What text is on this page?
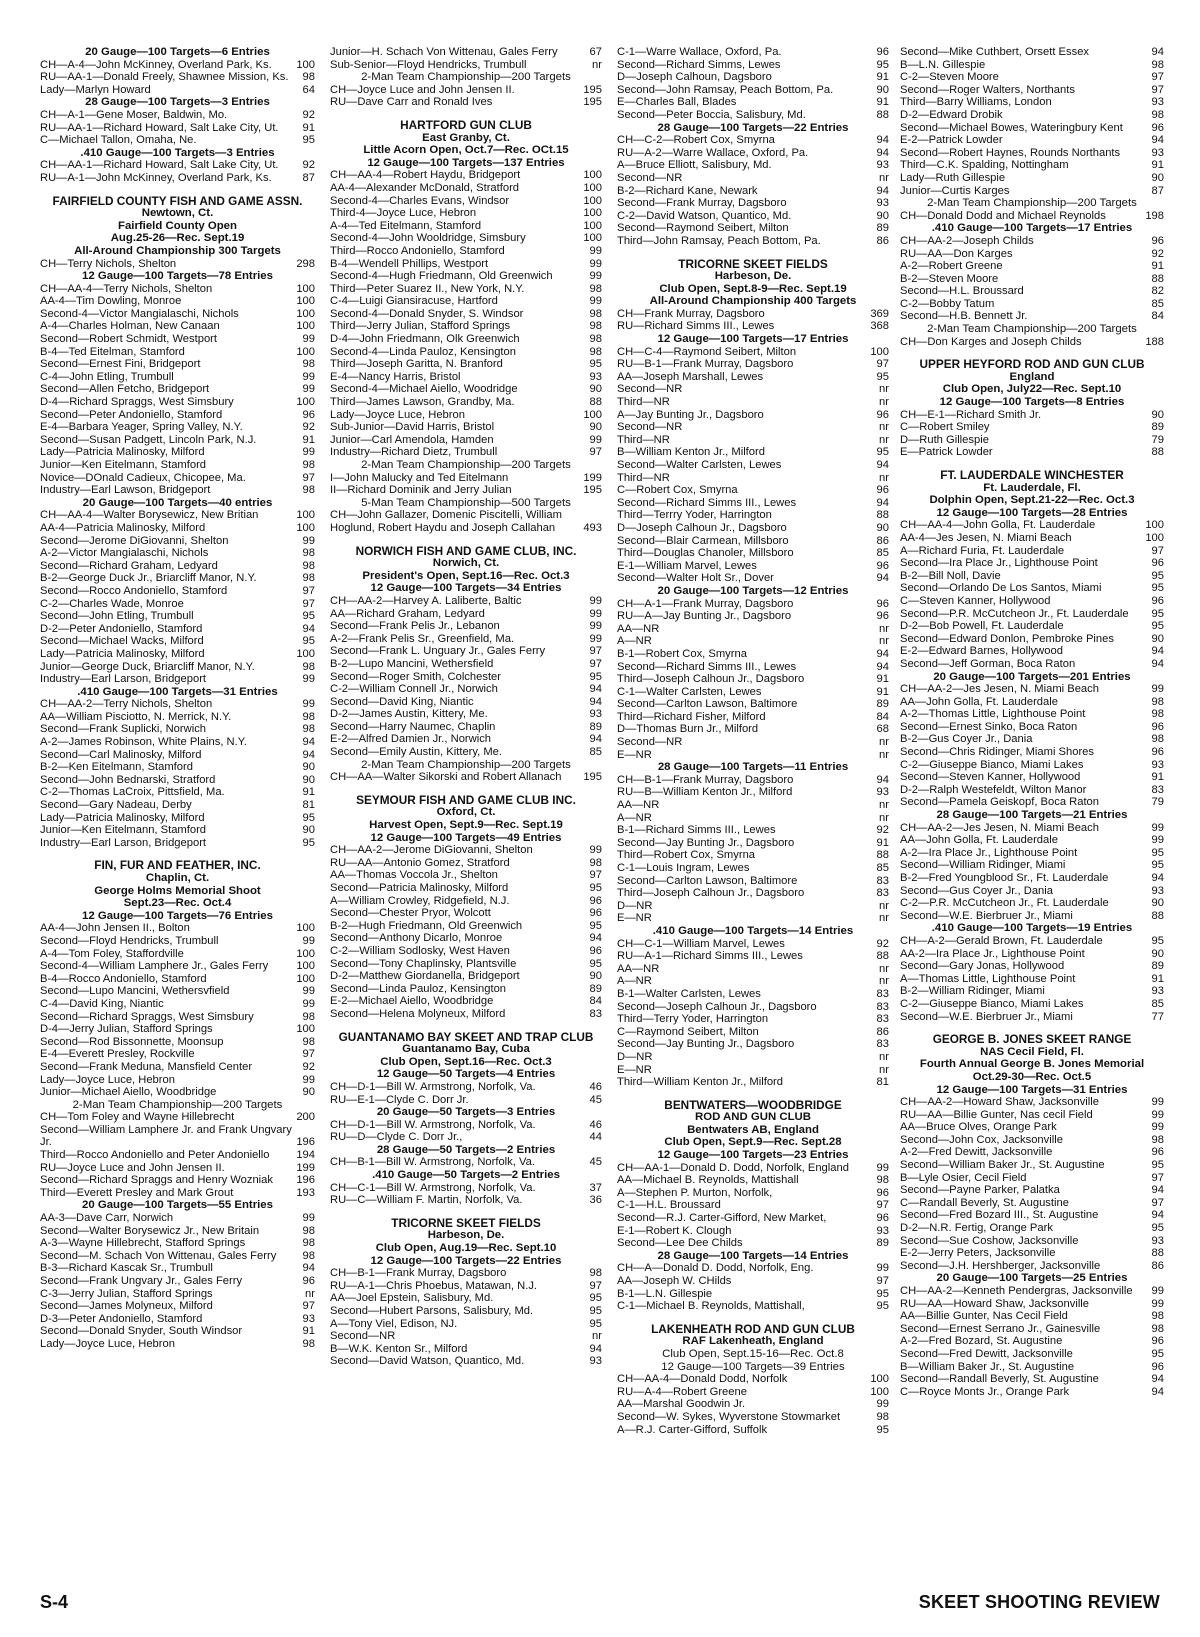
20 Gauge—100 Targets—6 Entries
CH—A-4—John McKinney, Overland Park, Ks.	100
RU—AA-1—Donald Freely, Shawnee Mission, Ks.	98
Lady—Marlyn Howard	64
28 Gauge—100 Targets—3 Entries
CH—A-1—Gene Moser, Baldwin, Mo.	92
RU—AA-1—Richard Howard, Salt Lake City, Ut.	91
C—Michael Tallon, Omaha, Ne.	95
.410 Gauge—100 Targets—3 Entries
CH—AA-1—Richard Howard, Salt Lake City, Ut.	92
RU—A-1—John McKinney, Overland Park, Ks.	87
FAIRFIELD COUNTY FISH AND GAME ASSN.
Newtown, Ct.
Fairfield County Open
Aug.25-26—Rec. Sept.19
All-Around Championship 300 Targets
CH—Terry Nichols, Shelton	298
12 Gauge—100 Targets—78 Entries
CH—AA-4—Terry Nichols, Shelton	100
AA-4—Tim Dowling, Monroe	100
Second-4—Victor Mangialaschi, Nichols	100
A-4—Charles Holman, New Canaan	100
Second—Robert Schmidt, Westport	99
B-4—Ted Eitelman, Stamford	100
Second—Ernest Fini, Bridgeport	98
C-4—John Etling, Trumbull	99
Second—Allen Fetcho, Bridgeport	99
D-4—Richard Spraggs, West Simsbury	100
Second—Peter Andoniello, Stamford	96
E-4—Barbara Yeager, Spring Valley, N.Y.	92
Second—Susan Padgett, Lincoln Park, N.J.	91
Lady—Patricia Malinosky, Milford	99
Junior—Ken Eitelmann, Stamford	98
Novice—DOnald Cadieux, Chicopee, Ma.	97
Industry—Earl Lawson, Bridgeport	98
20 Gauge—100 Targets—40 entries
CH—AA-4—Walter Borysewicz, New Britian	100
AA-4—Patricia Malinosky, Milford	100
Second—Jerome DiGiovanni, Shelton	99
A-2—Victor Mangialaschi, Nichols	98
Second—Richard Graham, Ledyard	98
B-2—George Duck Jr., Briarcliff Manor, N.Y.	98
Second—Rocco Andoniello, Stamford	97
C-2—Charles Wade, Monroe	97
Second—John Etling, Trumbull	95
D-2—Peter Andoniello, Stamford	94
Second—Michael Wacks, Milford	95
Lady—Patricia Malinosky, Milford	100
Junior—George Duck, Briarcliff Manor, N.Y.	98
Industry—Earl Larson, Bridgeport	99
.410 Gauge—100 Targets—31 Entries
CH—AA-2—Terry Nichols, Shelton	99
AA—William Pisciotto, N. Merrick, N.Y.	98
Second—Frank Suplicki, Norwich	98
A-2—James Robinson, White Plains, N.Y.	94
Second—Carl Malinosky, Milford	94
B-2—Ken Eitelmann, Stamford	90
Second—John Bednarski, Stratford	90
C-2—Thomas LaCroix, Pittsfield, Ma.	91
Second—Gary Nadeau, Derby	81
Lady—Patricia Malinosky, Milford	95
Junior—Ken Eitelmann, Stamford	90
Industry—Earl Larson, Bridgeport	95
FIN, FUR AND FEATHER, INC.
Chaplin, Ct.
George Holms Memorial Shoot
Sept.23—Rec. Oct.4
12 Gauge—100 Targets—76 Entries
AA-4—John Jensen II., Bolton	100
Second—Floyd Hendricks, Trumbull	99
A-4—Tom Foley, Staffordville	100
Second-4—William Lamphere Jr., Gales Ferry	100
B-4—Rocco Andoniello, Stamford	100
Second—Lupo Mancini, Wethersvfield	99
C-4—David King, Niantic	99
Second—Richard Spraggs, West Simsbury	98
D-4—Jerry Julian, Stafford Springs	100
Second—Rod Bissonnette, Moonsup	98
E-4—Everett Presley, Rockville	97
Second—Frank Meduna, Mansfield Center	92
Lady—Joyce Luce, Hebron	99
Junior—Michael Aiello, Woodbridge	90
2-Man Team Championship—200 Targets
CH—Tom Foley and Wayne Hillebrecht	200
Second—William Lamphere Jr. and Frank Ungvary Jr.	196
Third—Rocco Andoniello and Peter Andoniello	194
RU—Joyce Luce and John Jensen II.	199
Second—Richard Spraggs and Henry Wozniak	196
Third—Everett Presley and Mark Grout	193
20 Gauge—100 Targets—55 Entries
AA-3—Dave Carr, Norwich	99
Second—Walter Borysewicz Jr., New Britain	98
A-3—Wayne Hillebrecht, Stafford Springs	98
Second—M. Schach Von Wittenau, Gales Ferry	98
B-3—Richard Kascak Sr., Trumbull	94
Second—Frank Ungvary Jr., Gales Ferry	96
C-3—Jerry Julian, Stafford Springs	nr
Second—James Molyneux, Milford	97
D-3—Peter Andoniello, Stamford	93
Second—Donald Snyder, South Windsor	91
Lady—Joyce Luce, Hebron	98
Junior—H. Schach Von Wittenau, Gales Ferry	67
Sub-Senior—Floyd Hendricks, Trumbull	nr
2-Man Team Championship—200 Targets
CH—Joyce Luce and John Jensen II.	195
RU—Dave Carr and Ronald Ives	195
HARTFORD GUN CLUB
East Granby, Ct.
Little Acorn Open, Oct.7—Rec. OCt.15
12 Gauge—100 Targets—137 Entries
CH—AA-4—Robert Haydu, Bridgeport	100
AA-4—Alexander McDonald, Stratford	100
Second-4—Charles Evans, Windsor	100
Third-4—Joyce Luce, Hebron	100
A-4—Ted Eitelmann, Stamford	100
Second-4—John Wooldridge, Simsbury	100
Third—Rocco Andoniello, Stamford	99
B-4—Wendell Phillips, Westport	99
Second-4—Hugh Friedmann, Old Greenwich	99
Third—Peter Suarez II., New York, N.Y.	98
C-4—Luigi Giansiracuse, Hartford	99
Second-4—Donald Snyder, S. Windsor	98
Third—Jerry Julian, Stafford Springs	98
D-4—John Friedmann, Olk Greenwich	98
Second-4—Linda Pauloz, Kensington	98
Third—Joseph Garitta, N. Branford	95
E-4—Nancy Harris, Bristol	93
Second-4—Michael Aiello, Woodridge	90
Third—James Lawson, Grandby, Ma.	88
Lady—Joyce Luce, Hebron	100
Sub-Junior—David Harris, Bristol	90
Junior—Carl Amendola, Hamden	99
Industry—Richard Dietz, Trumbull	97
2-Man Team Championship—200 Targets
I—John Malucky and Ted Eitelmann	199
II—Richard Dominik and Jerry Julian	195
5-Man Team Championship—500 Targets
CH—John Gallazer, Domenic Piscitelli, William Hoglund, Robert Haydu and Joseph Callahan	493
NORWICH FISH AND GAME CLUB, INC.
Norwich, Ct.
President's Open, Sept.16—Rec. Oct.3
12 Gauge—100 Targets—34 Entries
CH—AA-2—Harvey A. Laliberte, Baltic	99
AA—Richard Graham, Ledyard	99
Second—Frank Pelis Jr., Lebanon	99
A-2—Frank Pelis Sr., Greenfield, Ma.	99
Second—Frank L. Unguary Jr., Gales Ferry	97
B-2—Lupo Mancini, Wethersfield	97
Second—Roger Smith, Colchester	95
C-2—William Connell Jr., Norwich	94
Second—David King, Niantic	94
D-2—James Austin, Kittery, Me.	93
Second—Harry Naumec, Chaplin	89
E-2—Alfred Damien Jr., Norwich	94
Second—Emily Austin, Kittery, Me.	85
2-Man Team Championship—200 Targets
CH—AA—Walter Sikorski and Robert Allanach	195
SEYMOUR FISH AND GAME CLUB INC.
Oxford, Ct.
Harvest Open, Sept.9—Rec. Sept.19
12 Gauge—100 Targets—49 Entries
CH—AA-2—Jerome DiGiovanni, Shelton	99
RU—AA—Antonio Gomez, Stratford	98
AA—Thomas Voccola Jr., Shelton	97
Second—Patricia Malinosky, Milford	95
A—William Crowley, Ridgefield, N.J.	96
Second—Chester Pryor, Wolcott	96
B-2—Hugh Friedmann, Old Greenwich	95
Second—Anthony Dicarlo, Monroe	94
C-2—William Sodlosky, West Haven	96
Second—Tony Chaplinsky, Plantsville	95
D-2—Matthew Giordanella, Bridgeport	90
Second—Linda Pauloz, Kensington	89
E-2—Michael Aiello, Woodbridge	84
Second—Helena Molyneux, Milford	83
GUANTANAMO BAY SKEET AND TRAP CLUB
Guantanamo Bay, Cuba
Club Open, Sept.16—Rec. Oct.3
12 Gauge—50 Targets—4 Entries
CH—D-1—Bill W. Armstrong, Norfolk, Va.	46
RU—E-1—Clyde C. Dorr Jr.	45
20 Gauge—50 Targets—3 Entries
CH—D-1—Bill W. Armstrong, Norfolk, Va.	46
RU—D—Clyde C. Dorr Jr.,	44
28 Gauge—50 Targets—2 Entries
CH—B-1—Bill W. Armstrong, Norfolk, Va.	45
.410 Gauge—50 Targets—2 Entries
CH—C-1—Bill W. Armstrong, Norfolk, Va.	37
RU—C—William F. Martin, Norfolk, Va.	36
TRICORNE SKEET FIELDS
Harbeson, De.
Club Open, Aug.19—Rec. Sept.10
12 Gauge—100 Targets—22 Entries
CH—B-1—Frank Murray, Dagsboro	98
RU—A-1—Chris Phoebus, Matawan, N.J.	97
AA—Joel Epstein, Salisbury, Md.	95
Second—Hubert Parsons, Salisbury, Md.	95
A—Tony Viel, Edison, NJ.	95
Second—NR	nr
B—W.K. Kenton Sr., Milford	94
Second—David Watson, Quantico, Md.	93
C-1—Warre Wallace, Oxford, Pa.	96
Second—Richard Simms, Lewes	95
D—Joseph Calhoun, Dagsboro	91
Second—John Ramsay, Peach Bottom, Pa.	90
E—Charles Ball, Blades	91
Second—Peter Boccia, Salisbury, Md.	88
28 Gauge—100 Targets—22 Entries
CH—C-2—Robert Cox, Smyrna	94
RU—A-2—Warre Wallace, Oxford, Pa.	94
A—Bruce Elliott, Salisbury, Md.	93
Second—NR	nr
B-2—Richard Kane, Newark	94
Second—Frank Murray, Dagsboro	93
C-2—David Watson, Quantico, Md.	90
Second—Raymond Seibert, Milton	89
Third—John Ramsay, Peach Bottom, Pa.	86
TRICORNE SKEET FIELDS
Harbeson, De.
Club Open, Sept.8-9—Rec. Sept.19
All-Around Championship 400 Targets
CH—Frank Murray, Dagsboro	369
RU—Richard Simms III., Lewes	368
12 Gauge—100 Targets—17 Entries
CH—C-4—Raymond Seibert, Milton	100
RU—B-1—Frank Murray, Dagsboro	97
AA—Joseph Marshall, Lewes	95
Second—NR	nr
Third—NR	nr
A—Jay Bunting Jr., Dagsboro	96
Second—NR	nr
Third—NR	nr
B—William Kenton Jr., Milford	95
Second—Walter Carlsten, Lewes	94
Third—NR	nr
C—Robert Cox, Smyrna	96
Second—Richard Simms III., Lewes	94
Third—Terrry Yoder, Harrington	88
D—Joseph Calhoun Jr., Dagsboro	90
Second—Blair Carmean, Millsboro	86
Third—Douglas Chanoler, Millsboro	85
E-1—William Marvel, Lewes	96
Second—Walter Holt Sr., Dover	94
20 Gauge—100 Targets—12 Entries
CH—A-1—Frank Murray, Dagsboro	96
RU—A—Jay Bunting Jr., Dagsboro	96
AA—NR	nr
A—NR	nr
B-1—Robert Cox, Smyrna	94
Second—Richard Simms III., Lewes	94
Third—Joseph Calhoun Jr., Dagsboro	91
C-1—Walter Carlsten, Lewes	91
Second—Carlton Lawson, Baltimore	89
Third—Richard Fisher, Milford	84
D—Thomas Burn Jr., Milford	68
Second—NR	nr
E—NR	nr
28 Gauge—100 Targets—11 Entries
CH—B-1—Frank Murray, Dagsboro	94
RU—B—William Kenton Jr., Milford	93
AA—NR	nr
A—NR	nr
B-1—Richard Simms III., Lewes	92
Second—Jay Bunting Jr., Dagsboro	91
Third—Robert Cox, Smyrna	88
C-1—Louis Ingram, Lewes	85
Second—Carlton Lawson, Baltimore	83
Third—Joseph Calhoun Jr., Dagsboro	83
D—NR	nr
E—NR	nr
.410 Gauge—100 Targets—14 Entries
CH—C-1—William Marvel, Lewes	92
RU—A-1—Richard Simms III., Lewes	88
AA—NR	nr
A—NR	nr
B-1—Walter Carlsten, Lewes	83
Second—Joseph Calhoun Jr., Dagsboro	83
Third—Terry Yoder, Harrington	83
C—Raymond Seibert, Milton	86
Second—Jay Bunting Jr., Dagsboro	83
D—NR	nr
E—NR	nr
Third—William Kenton Jr., Milford	81
BENTWATERS—WOODBRIDGE
ROD AND GUN CLUB
Bentwaters AB, England
Club Open, Sept.9—Rec. Sept.28
12 Gauge—100 Targets—23 Entries
CH—AA-1—Donald D. Dodd, Norfolk, England	99
AA—Michael B. Reynolds, Mattishall	98
A—Stephen P. Murton, Norfolk,	96
C-1—H.L. Broussard	97
Second—R.J. Carter-Gifford, New Market,	96
E-1—Robert K. Clough	93
Second—Lee Dee Childs	89
28 Gauge—100 Targets—14 Entries
CH—A—Donald D. Dodd, Norfolk, Eng.	99
AA—Joseph W. CHilds	97
B-1—L.N. Gillespie	95
C-1—Michael B. Reynolds, Mattishall,	95
LAKENHEATH ROD AND GUN CLUB
RAF Lakenheath, England
Club Open, Sept.15-16—Rec. Oct.8
12 Gauge—100 Targets—39 Entries
CH—AA-4—Donald Dodd, Norfolk	100
RU—A-4—Robert Greene	100
AA—Marshal Goodwin Jr.	99
Second—W. Sykes, Wyverstone Stowmarket	98
A—R.J. Carter-Gifford, Suffolk	95
Second—Mike Cuthbert, Orsett Essex	94
B—L.N. Gillespie	98
C-2—Steven Moore	97
Second—Roger Walters, Northants	97
Third—Barry Williams, London	93
D-2—Edward Drobik	98
Second—Michael Bowes, Wateringbury Kent	96
E-2—Patrick Lowder	94
Second—Robert Haynes, Rounds Northants	93
Third—C.K. Spalding, Nottingham	91
Lady—Ruth Gillespie	90
Junior—Curtis Karges	87
2-Man Team Championship—200 Targets
CH—Donald Dodd and Michael Reynolds	198
.410 Gauge—100 Targets—17 Entries
CH—AA-2—Joseph Childs	96
RU—AA—Don Karges	92
A-2—Robert Greene	91
B-2—Steven Moore	88
Second—H.L. Broussard	82
C-2—Bobby Tatum	85
Second—H.B. Bennett Jr.	84
2-Man Team Championship—200 Targets
CH—Don Karges and Joseph Childs	188
UPPER HEYFORD ROD AND GUN CLUB
England
Club Open, July22—Rec. Sept.10
12 Gauge—100 Targets—8 Entries
CH—E-1—Richard Smith Jr.	90
C—Robert Smiley	89
D—Ruth Gillespie	79
E—Patrick Lowder	88
FT. LAUDERDALE WINCHESTER
Ft. Lauderdale, Fl.
Dolphin Open, Sept.21-22—Rec. Oct.3
12 Gauge—100 Targets—28 Entries
CH—AA-4—John Golla, Ft. Lauderdale	100
AA-4—Jes Jesen, N. Miami Beach	100
A—Richard Furia, Ft. Lauderdale	97
Second—Ira Place Jr., Lighthouse Point	96
B-2—Bill Noll, Davie	95
Second—Orlando De Los Santos, Miami	95
C—Steven Kanner, Hollywood	96
Second—P.R. McCutcheon Jr., Ft. Lauderdale	95
D-2—Bob Powell, Ft. Lauderdale	95
Second—Edward Donlon, Pembroke Pines	90
E-2—Edward Barnes, Hollywood	94
Second—Jeff Gorman, Boca Raton	94
20 Gauge—100 Targets—201 Entries
CH—AA-2—Jes Jesen, N. Miami Beach	99
AA—John Golla, Ft. Lauderdale	98
A-2—Thomas Little, Lighthouse Point	98
Second—Ernest Sinko, Boca Raton	96
B-2—Gus Coyer Jr., Dania	98
Second—Chris Ridinger, Miami Shores	96
C-2—Giuseppe Bianco, Miami Lakes	93
Second—Steven Kanner, Hollywood	91
D-2—Ralph Westefeldt, Wilton Manor	83
Second—Pamela Geiskopf, Boca Raton	79
28 Gauge—100 Targets—21 Entries
CH—AA-2—Jes Jesen, N. Miami Beach	99
AA—John Golla, Ft. Lauderdale	99
A-2—Ira Place Jr., Lighthouse Point	95
Second—William Ridinger, Miami	95
B-2—Fred Youngblood Sr., Ft. Lauderdale	94
Second—Gus Coyer Jr., Dania	93
C-2—P.R. McCutcheon Jr., Ft. Lauderdale	90
Second—W.E. Bierbruer Jr., Miami	88
.410 Gauge—100 Targets—19 Entries
CH—A-2—Gerald Brown, Ft. Lauderdale	95
AA-2—Ira Place Jr., Lighthouse Point	90
Second—Gary Jonas, Hollywood	89
A—Thomas Little, Lighthouse Point	91
B-2—William Ridinger, Miami	93
C-2—Giuseppe Bianco, Miami Lakes	85
Second—W.E. Bierbruer Jr., Miami	77
GEORGE B. JONES SKEET RANGE
NAS Cecil Field, Fl.
Fourth Annual George B. Jones Memorial
Oct.29-30—Rec. Oct.5
12 Gauge—100 Targets—31 Entries
CH—AA-2—Howard Shaw, Jacksonville	99
RU—AA—Billie Gunter, Nas cecil Field	99
AA—Bruce Olves, Orange Park	99
Second—John Cox, Jacksonville	98
A-2—Fred Dewitt, Jacksonville	96
Second—William Baker Jr., St. Augustine	95
B—Lyle Osier, Cecil Field	97
Second—Payne Parker, Palatka	94
C—Randall Beverly, St. Augustine	97
Second—Fred Bozard III., St. Augustine	94
D-2—N.R. Fertig, Orange Park	95
Second—Sue Coshow, Jacksonville	93
E-2—Jerry Peters, Jacksonville	88
Second—J.H. Hershberger, Jacksonville	86
20 Gauge—100 Targets—25 Entries
CH—AA-2—Kenneth Pendergras, Jacksonville	99
RU—AA—Howard Shaw, Jacksonville	99
AA—Billie Gunter, Nas Cecil Field	98
Second—Ernest Serrano Jr., Gainesville	98
A-2—Fred Bozard, St. Augustine	96
Second—Fred Dewitt, Jacksonville	95
B—William Baker Jr., St. Augustine	96
Second—Randall Beverly, St. Augustine	94
C—Royce Monts Jr., Orange Park	94
S-4	SKEET SHOOTING REVIEW
